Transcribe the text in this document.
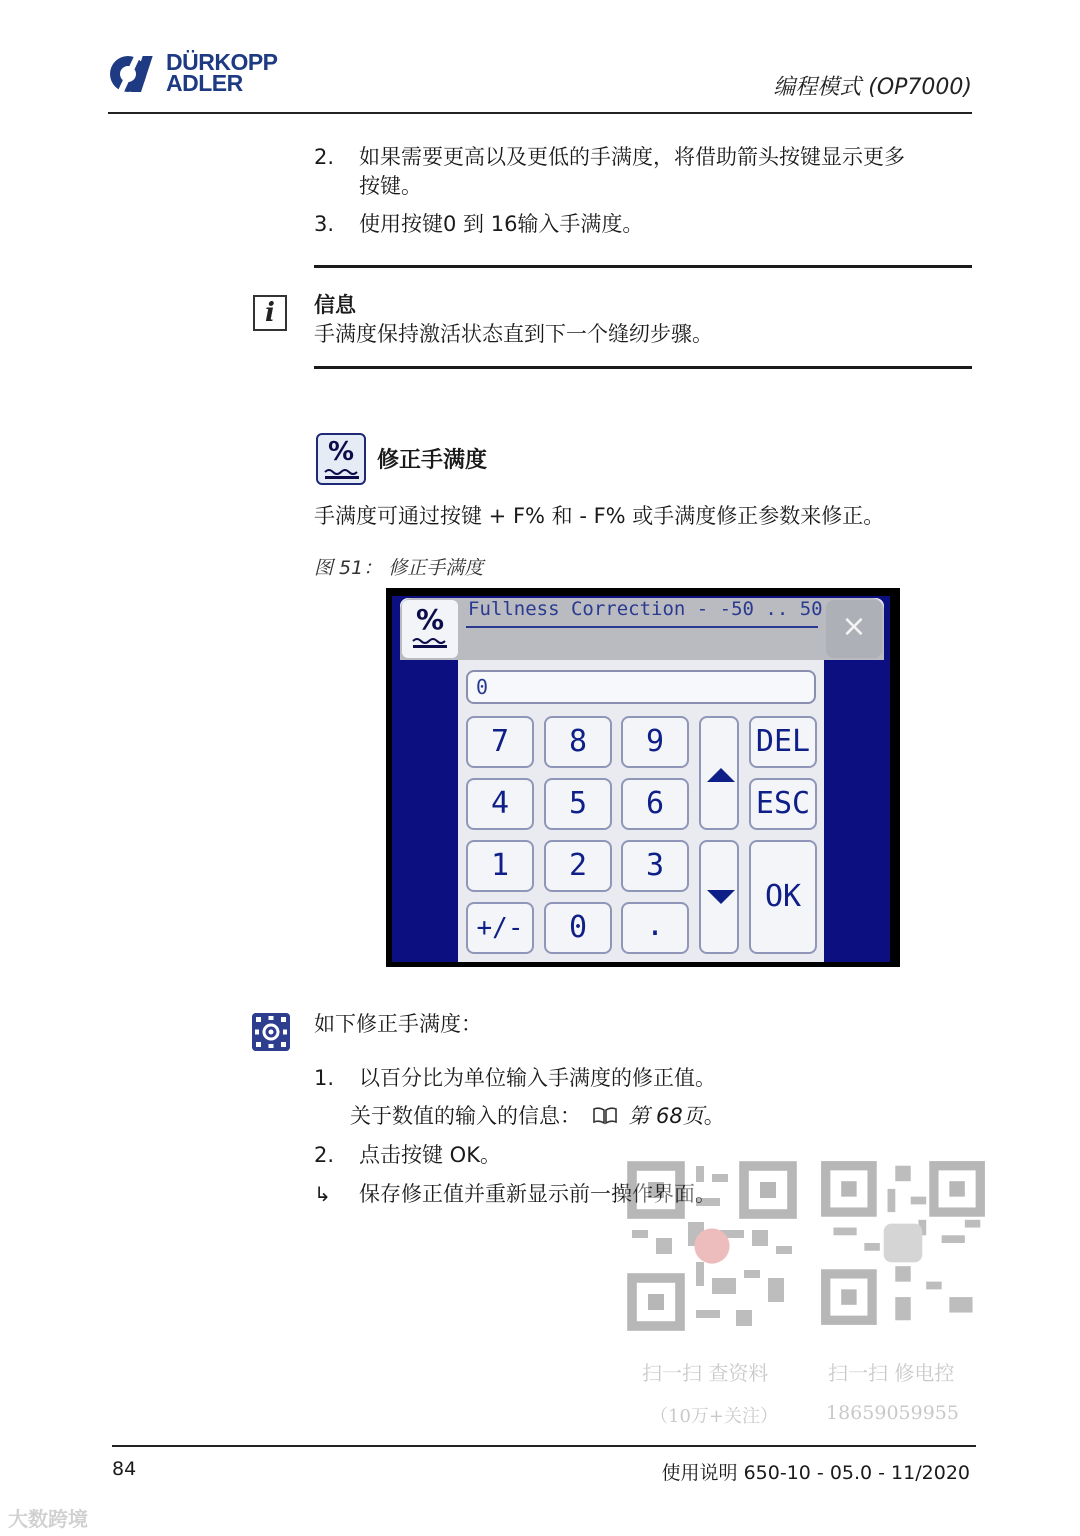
DÜRKOPP
ADLER	编程模式 (OP7000)
2. 如果需要更高以及更低的手满度，将借助箭头按键显示更多
按键。
3. 使用按键0 到 16输入手满度。
i	信息
手满度保持激活状态直到下一个缝纫步骤。
%	修正手满度
手满度可通过按键 + F% 和 - F% 或手满度修正参数来修正。
图 51： 修正手满度
%	Fullness Correction - -50 .. 50 ×
0
7	8	9
4	5	6
1	2	3
+/-	0	.
DEL
ESC
OK
如下修正手满度：
1. 以百分比为单位输入手满度的修正值。
关于数值的输入的信息： 第 68页。
2. 点击按键 OK。
↳ 保存修正值并重新显示前一操作界面。
扫一扫 查资料
（10万+关注）
扫一扫 修电控
18659059955
84	使用说明 650-10 - 05.0 - 11/2020
大数跨境
